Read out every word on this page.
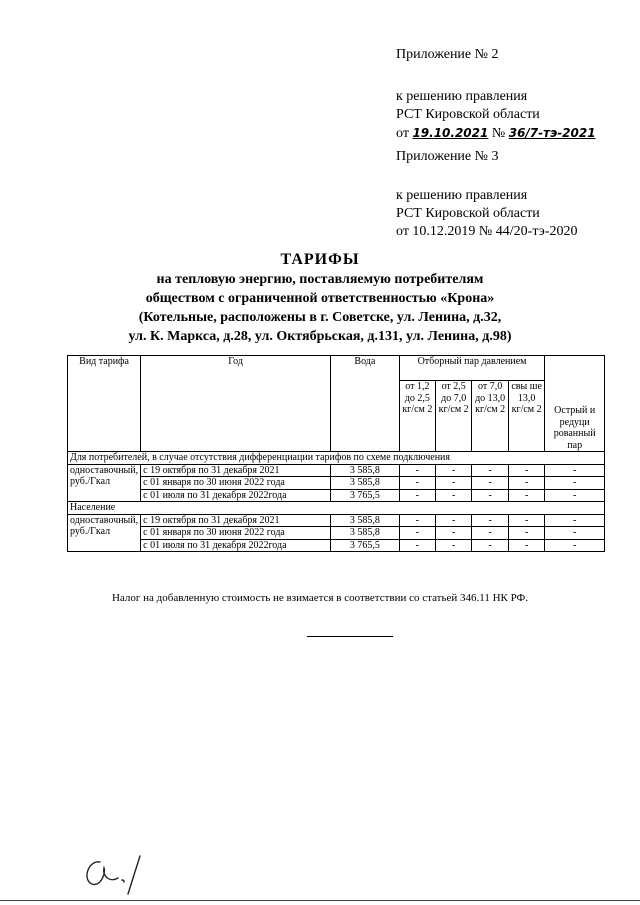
Приложение № 2
к решению правления
РСТ Кировской области
от 19.10.2021 № 36/7-тэ-2021
Приложение № 3
к решению правления
РСТ Кировской области
от 10.12.2019 № 44/20-тэ-2020
ТАРИФЫ
на тепловую энергию, поставляемую потребителям
обществом с ограниченной ответственностью «Крона»
(Котельные, расположены в г. Советске, ул. Ленина, д.32,
ул. К. Маркса, д.28, ул. Октябрьская, д.131, ул. Ленина, д.98)
Вид тарифа	Год	Вода	Отборный пар давлением				Острый и редуци рованный пар
			от 1,2 до 2,5 кг/см 2	от 2,5 до 7,0 кг/см 2	от 7,0 до 13,0 кг/см 2	свы ше 13,0 кг/см 2	
Для потребителей, в случае отсутствия дифференциации тарифов по схеме подключения							
одноставочный, руб./Гкал	с 19 октября по 31 декабря 2021	3 585,8	-	-	-	-	-
	с 01 января по 30 июня 2022 года	3 585,8	-	-	-	-	-
	с 01 июля по 31 декабря 2022года	3 765,5	-	-	-	-	-
Население							
одноставочный, руб./Гкал	с 19 октября по 31 декабря 2021	3 585,8	-	-	-	-	-
	с 01 января по 30 июня 2022 года	3 585,8	-	-	-	-	-
	с 01 июля по 31 декабря 2022года	3 765,5	-	-	-	-	-
Налог на добавленную стоимость не взимается в соответствии со статьей 346.11 НК РФ.
